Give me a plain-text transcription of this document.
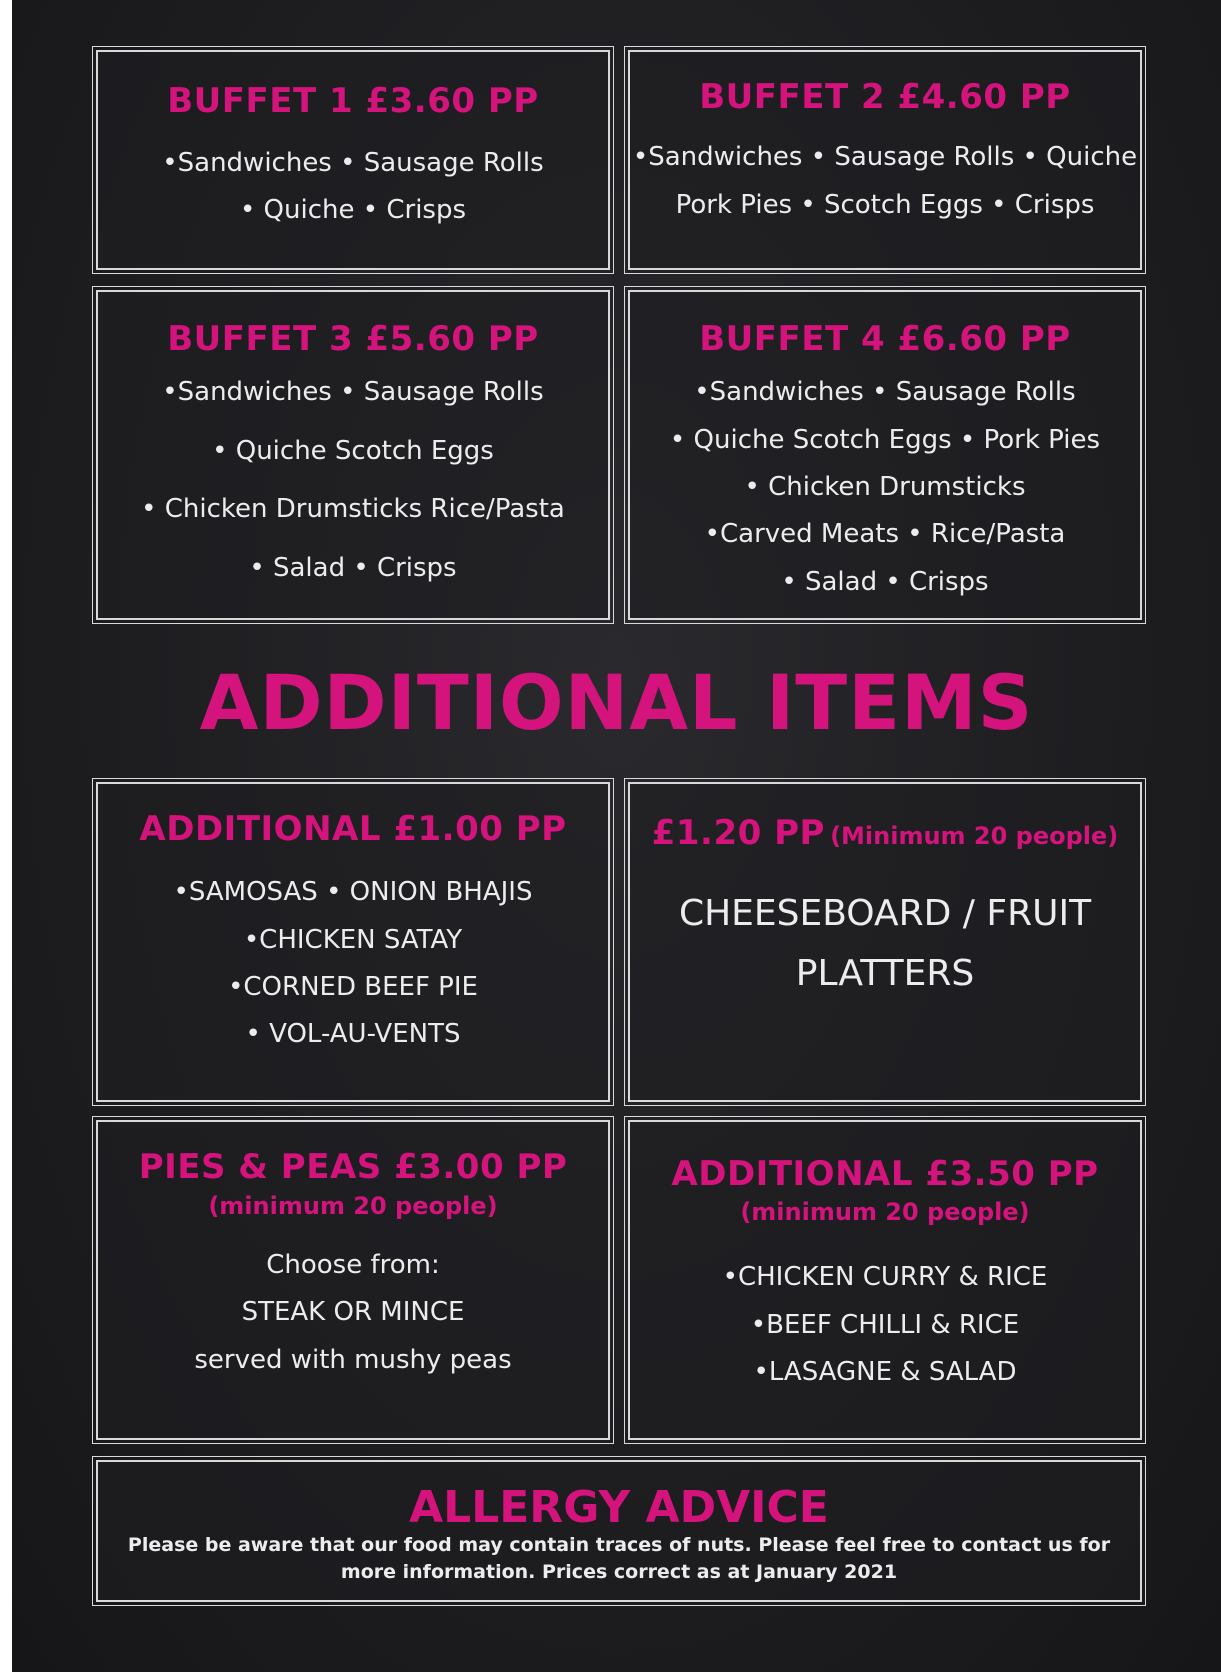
BUFFET 1 £3.60 PP
•Sandwiches • Sausage Rolls
• Quiche • Crisps
BUFFET 2 £4.60 PP
•Sandwiches • Sausage Rolls • Quiche
Pork Pies • Scotch Eggs • Crisps
BUFFET 3 £5.60 PP
•Sandwiches • Sausage Rolls
• Quiche Scotch Eggs
• Chicken Drumsticks Rice/Pasta
• Salad • Crisps
BUFFET 4 £6.60 PP
•Sandwiches • Sausage Rolls
• Quiche Scotch Eggs • Pork Pies
• Chicken Drumsticks
•Carved Meats • Rice/Pasta
• Salad • Crisps
ADDITIONAL ITEMS
ADDITIONAL £1.00 PP
•SAMOSAS • ONION BHAJIS
•CHICKEN SATAY
•CORNED BEEF PIE
• VOL-AU-VENTS
£1.20 PP (Minimum 20 people)
CHEESEBOARD / FRUIT
PLATTERS
PIES & PEAS £3.00 PP
(minimum 20 people)
Choose from:
STEAK OR MINCE
served with mushy peas
ADDITIONAL £3.50 PP
(minimum 20 people)
•CHICKEN CURRY & RICE
•BEEF CHILLI & RICE
•LASAGNE & SALAD
ALLERGY ADVICE
Please be aware that our food may contain traces of nuts. Please feel free to contact us for
more information. Prices correct as at January 2021
